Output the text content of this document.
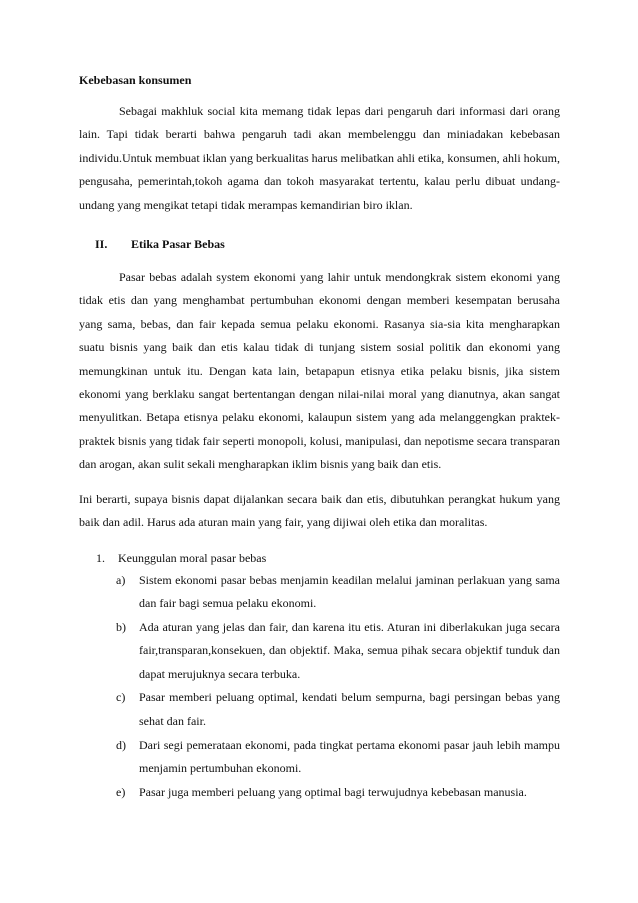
Kebebasan konsumen

Sebagai makhluk social kita memang tidak lepas dari pengaruh dari informasi dari orang lain. Tapi tidak berarti bahwa pengaruh tadi akan membelenggu dan miniadakan kebebasan individu.Untuk membuat iklan yang berkualitas harus melibatkan ahli etika, konsumen, ahli hokum, pengusaha, pemerintah,tokoh agama dan tokoh masyarakat tertentu, kalau perlu dibuat undang-undang yang mengikat tetapi tidak merampas kemandirian biro iklan.

II.	Etika Pasar Bebas

Pasar bebas adalah system ekonomi yang lahir untuk mendongkrak sistem ekonomi yang tidak etis dan yang menghambat pertumbuhan ekonomi dengan memberi kesempatan berusaha yang sama, bebas, dan fair kepada semua pelaku ekonomi. Rasanya sia-sia kita mengharapkan suatu bisnis yang baik dan etis kalau tidak di tunjang sistem sosial politik dan ekonomi yang memungkinan untuk itu. Dengan kata lain, betapapun etisnya etika pelaku bisnis, jika sistem ekonomi yang berklaku sangat bertentangan dengan nilai-nilai moral yang dianutnya, akan sangat menyulitkan. Betapa etisnya pelaku ekonomi, kalaupun sistem yang ada melanggengkan praktek-praktek bisnis yang tidak fair seperti monopoli, kolusi, manipulasi, dan nepotisme secara transparan dan arogan, akan sulit sekali mengharapkan iklim bisnis yang baik dan etis.

Ini berarti, supaya bisnis dapat dijalankan secara baik dan etis, dibutuhkan perangkat hukum yang baik dan adil. Harus ada aturan main yang fair, yang dijiwai oleh etika dan moralitas.

1.	Keunggulan moral pasar bebas
a)	Sistem ekonomi pasar bebas menjamin keadilan melalui jaminan perlakuan yang sama dan fair bagi semua pelaku ekonomi.
b)	Ada aturan yang jelas dan fair, dan karena itu etis. Aturan ini diberlakukan juga secara fair,transparan,konsekuen, dan objektif. Maka, semua pihak secara objektif tunduk dan dapat merujuknya secara terbuka.
c)	Pasar memberi peluang optimal, kendati belum sempurna, bagi persingan bebas yang sehat dan fair.
d)	Dari segi pemerataan ekonomi, pada tingkat pertama ekonomi pasar jauh lebih mampu menjamin pertumbuhan ekonomi.
e)	Pasar juga memberi peluang yang optimal bagi terwujudnya kebebasan manusia.
